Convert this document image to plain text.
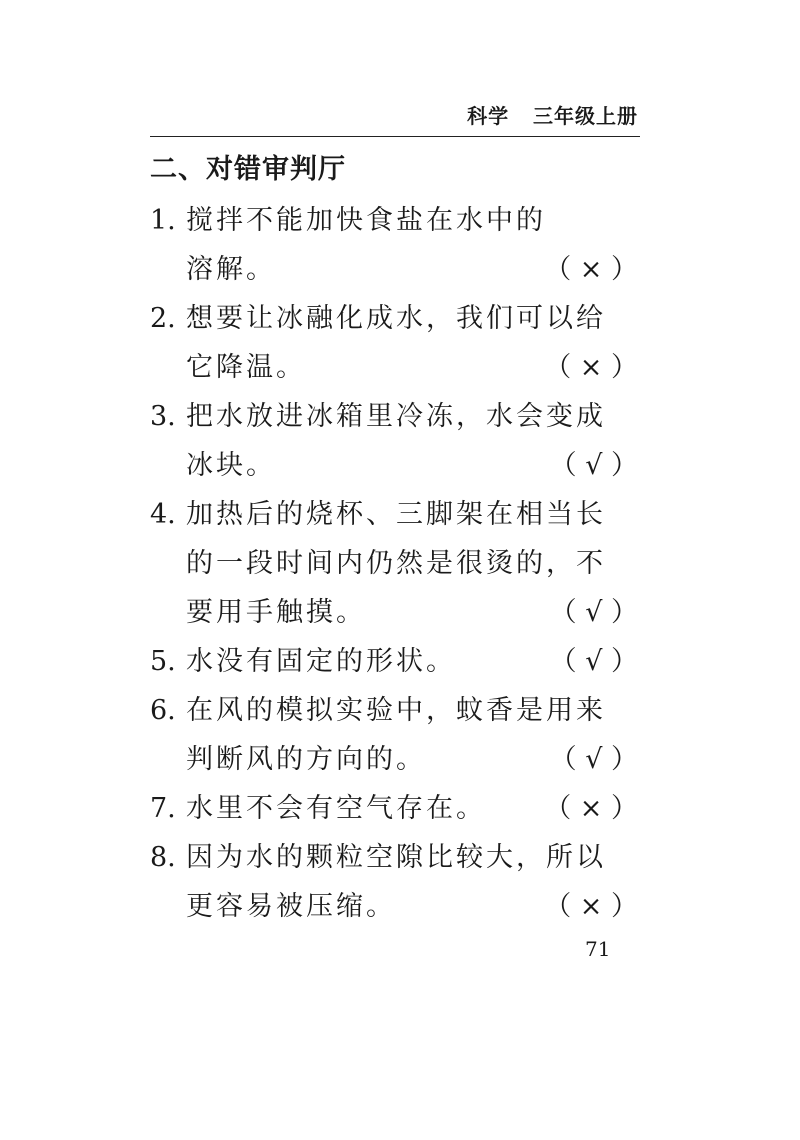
科学   三年级上册
二、对错审判厅
1. 搅拌不能加快食盐在水中的
溶解。	（ × ）
2. 想要让冰融化成水，我们可以给
它降温。	（ × ）
3. 把水放进冰箱里冷冻，水会变成
冰块。	（ √ ）
4. 加热后的烧杯、三脚架在相当长
的一段时间内仍然是很烫的，不
要用手触摸。	（ √ ）
5. 水没有固定的形状。	（ √ ）
6. 在风的模拟实验中，蚊香是用来
判断风的方向的。	（ √ ）
7. 水里不会有空气存在。 （ × ）
8. 因为水的颗粒空隙比较大，所以
更容易被压缩。	（ × ）
71
